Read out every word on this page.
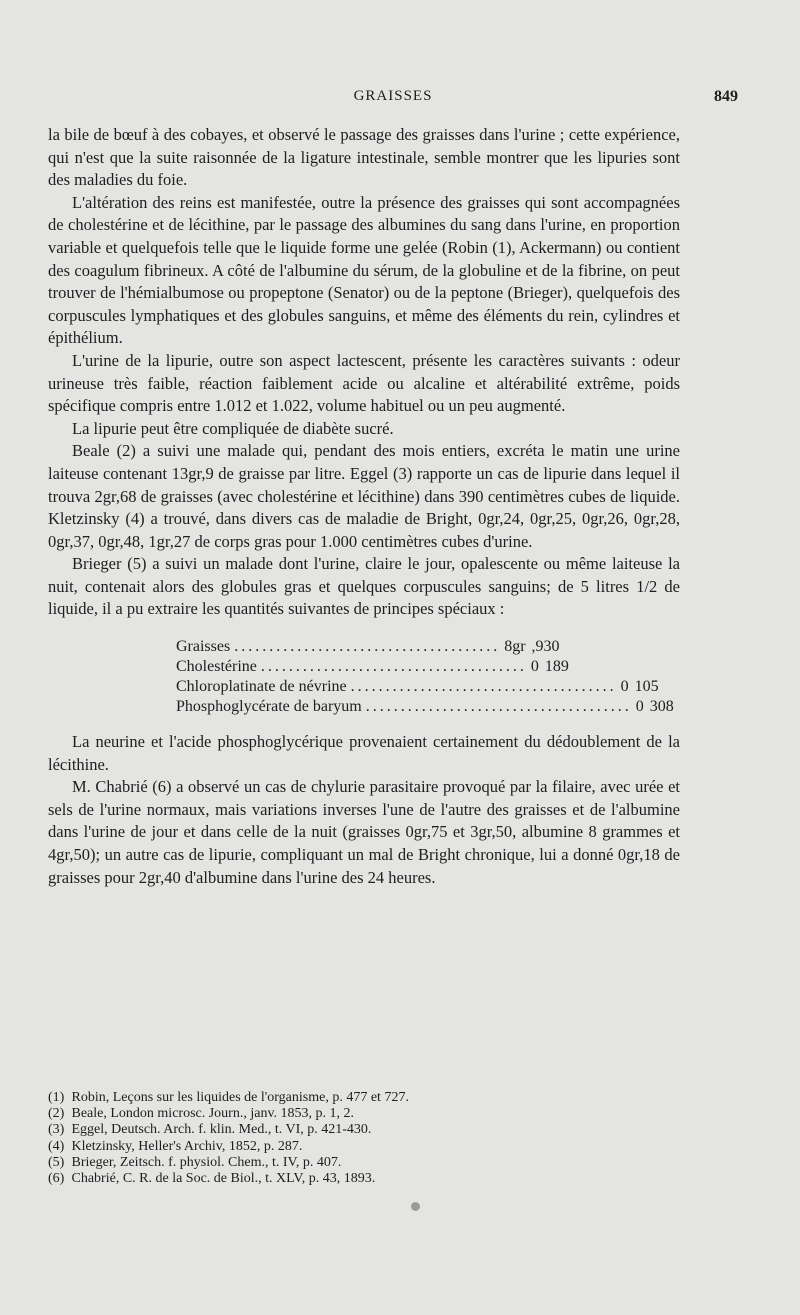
GRAISSES	849

la bile de bœuf à des cobayes, et observé le passage des graisses dans l'urine ; cette expérience, qui n'est que la suite raisonnée de la ligature intestinale, semble montrer que les lipuries sont des maladies du foie.

L'altération des reins est manifestée, outre la présence des graisses qui sont accompagnées de cholestérine et de lécithine, par le passage des albumines du sang dans l'urine, en proportion variable et quelquefois telle que le liquide forme une gelée (Robin (1), Ackermann) ou contient des coagulum fibrineux. A côté de l'albumine du sérum, de la globuline et de la fibrine, on peut trouver de l'hémialbumose ou propeptone (Senator) ou de la peptone (Brieger), quelquefois des corpuscules lymphatiques et des globules sanguins, et même des éléments du rein, cylindres et épithélium.

L'urine de la lipurie, outre son aspect lactescent, présente les caractères suivants : odeur urineuse très faible, réaction faiblement acide ou alcaline et altérabilité extrême, poids spécifique compris entre 1.012 et 1.022, volume habituel ou un peu augmenté.

La lipurie peut être compliquée de diabète sucré.

Beale (2) a suivi une malade qui, pendant des mois entiers, excréta le matin une urine laiteuse contenant 13gr,9 de graisse par litre. Eggel (3) rapporte un cas de lipurie dans lequel il trouva 2gr,68 de graisses (avec cholestérine et lécithine) dans 390 centimètres cubes de liquide. Kletzinsky (4) a trouvé, dans divers cas de maladie de Bright, 0gr,24, 0gr,25, 0gr,26, 0gr,28, 0gr,37, 0gr,48, 1gr,27 de corps gras pour 1.000 centimètres cubes d'urine.

Brieger (5) a suivi un malade dont l'urine, claire le jour, opalescente ou même laiteuse la nuit, contenait alors des globules gras et quelques corpuscules sanguins; de 5 litres 1/2 de liquide, il a pu extraire les quantités suivantes de principes spéciaux :

Graisses ...................................... 8gr ,930
Cholestérine ...................................... 0 189
Chloroplatinate de névrine ...................................... 0 105
Phosphoglycérate de baryum ...................................... 0 308

La neurine et l'acide phosphoglycérique provenaient certainement du dédoublement de la lécithine.

M. Chabrié (6) a observé un cas de chylurie parasitaire provoqué par la filaire, avec urée et sels de l'urine normaux, mais variations inverses l'une de l'autre des graisses et de l'albumine dans l'urine de jour et dans celle de la nuit (graisses 0gr,75 et 3gr,50, albumine 8 grammes et 4gr,50); un autre cas de lipurie, compliquant un mal de Bright chronique, lui a donné 0gr,18 de graisses pour 2gr,40 d'albumine dans l'urine des 24 heures.

(1) Robin, Leçons sur les liquides de l'organisme, p. 477 et 727.
(2) Beale, London microsc. Journ., janv. 1853, p. 1, 2.
(3) Eggel, Deutsch. Arch. f. klin. Med., t. VI, p. 421-430.
(4) Kletzinsky, Heller's Archiv, 1852, p. 287.
(5) Brieger, Zeitsch. f. physiol. Chem., t. IV, p. 407.
(6) Chabrié, C. R. de la Soc. de Biol., t. XLV, p. 43, 1893.
